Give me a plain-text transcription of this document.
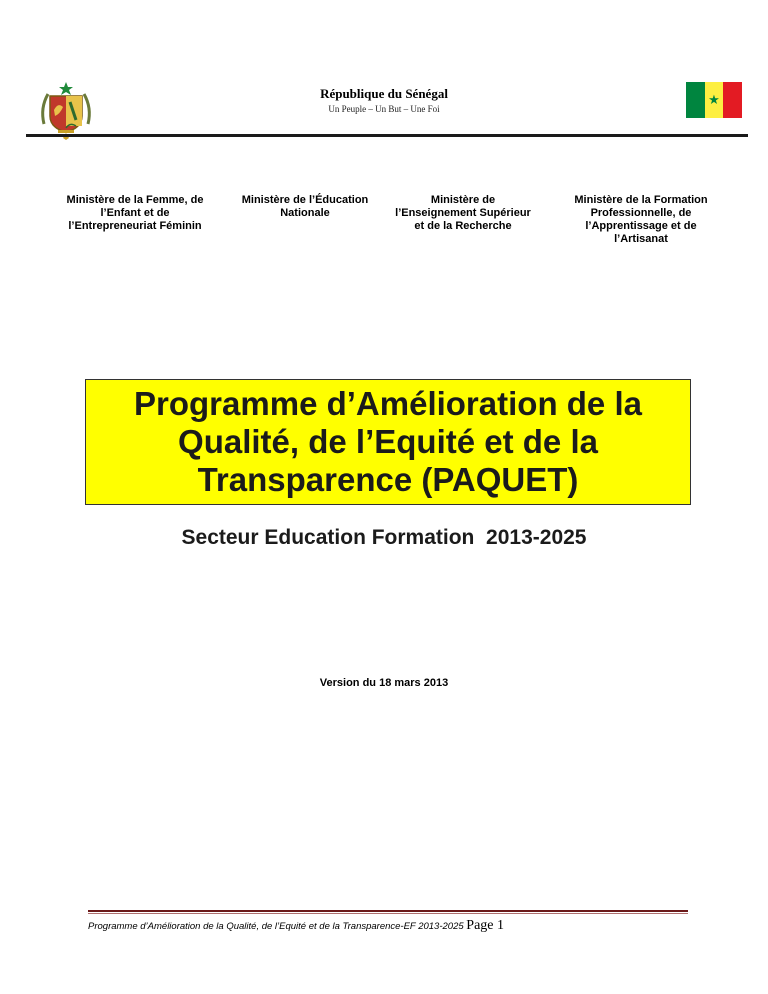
République du Sénégal
Un Peuple – Un But – Une Foi
★
Ministère de la Femme, de
l’Enfant et de
l’Entrepreneuriat Féminin
Ministère de l’Éducation
Nationale
Ministère de
l’Enseignement Supérieur
et de la Recherche
Ministère de la Formation
Professionnelle, de
l’Apprentissage et de
l’Artisanat
Programme d’Amélioration de la
Qualité, de l’Equité et de la
Transparence (PAQUET)
Secteur Education Formation  2013-2025
Version du 18 mars 2013
Programme d’Amélioration de la Qualité, de l’Equité et de la Transparence-EF 2013-2025 Page 1
